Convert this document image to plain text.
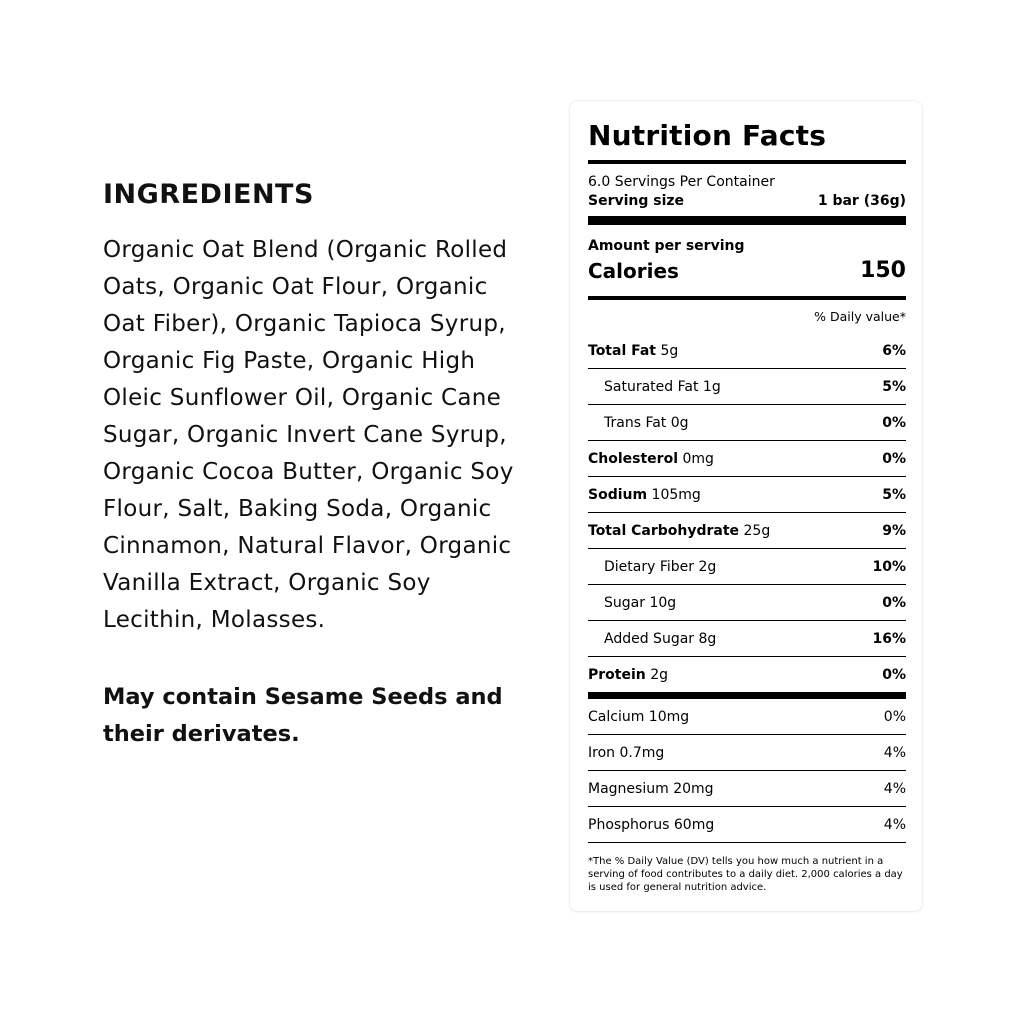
INGREDIENTS

Organic Oat Blend (Organic Rolled Oats, Organic Oat Flour, Organic Oat Fiber), Organic Tapioca Syrup, Organic Fig Paste, Organic High Oleic Sunflower Oil, Organic Cane Sugar, Organic Invert Cane Syrup, Organic Cocoa Butter, Organic Soy Flour, Salt, Baking Soda, Organic Cinnamon, Natural Flavor, Organic Vanilla Extract, Organic Soy Lecithin, Molasses.

May contain Sesame Seeds and their derivates.

Nutrition Facts
6.0 Servings Per Container
Serving size	1 bar (36g)
Amount per serving
Calories	150
% Daily value*
Total Fat 5g	6%
Saturated Fat 1g	5%
Trans Fat 0g	0%
Cholesterol 0mg	0%
Sodium 105mg	5%
Total Carbohydrate 25g	9%
Dietary Fiber 2g	10%
Sugar 10g	0%
Added Sugar 8g	16%
Protein 2g	0%
Calcium 10mg	0%
Iron 0.7mg	4%
Magnesium 20mg	4%
Phosphorus 60mg	4%
*The % Daily Value (DV) tells you how much a nutrient in a serving of food contributes to a daily diet. 2,000 calories a day is used for general nutrition advice.
